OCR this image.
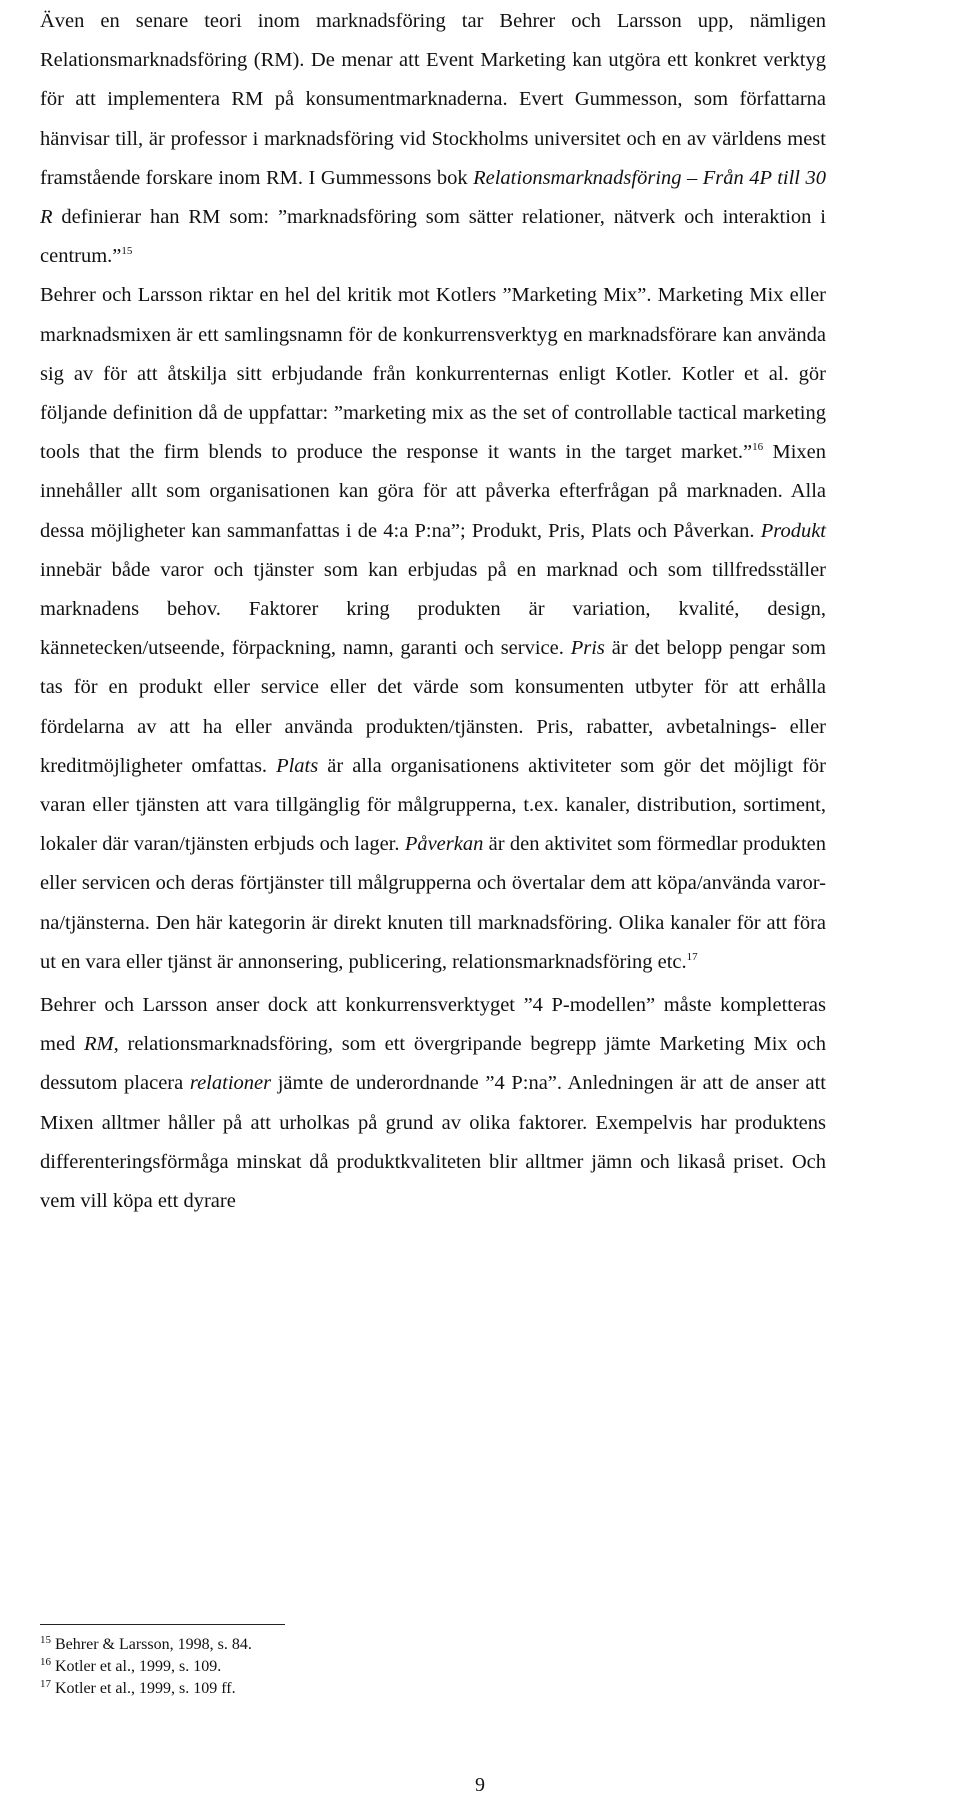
Även en senare teori inom marknadsföring tar Behrer och Larsson upp, nämligen Relationsmarknadsföring (RM). De menar att Event Marketing kan utgöra ett konkret verktyg för att implementera RM på konsumentmarknaderna. Evert Gummesson, som författarna hänvisar till, är professor i marknadsföring vid Stockholms universitet och en av världens mest framstående forskare inom RM. I Gummessons bok Relationsmarknadsföring – Från 4P till 30 R definierar han RM som: ”marknadsföring som sätter relationer, nätverk och interaktion i centrum.”$^{15}$

Behrer och Larsson riktar en hel del kritik mot Kotlers ”Marketing Mix”. Marketing Mix eller marknadsmixen är ett samlingsnamn för de konkurrensverktyg en marknadsförare kan använda sig av för att åtskilja sitt erbjudande från konkurrenternas enligt Kotler. Kotler et al. gör följande definition då de uppfattar: ”marketing mix as the set of controllable tactical marketing tools that the firm blends to produce the response it wants in the target market.”$^{16}$ Mixen innehåller allt som organisationen kan göra för att påverka efterfrågan på marknaden. Alla dessa möjligheter kan sammanfattas i de 4:a P:na”; Produkt, Pris, Plats och Påverkan. Produkt innebär både varor och tjänster som kan erbjudas på en marknad och som tillfredsställer marknadens behov. Faktorer kring produkten är variation, kvalité, design, kännetecken/utseende, förpackning, namn, garanti och service. Pris är det belopp pengar som tas för en produkt eller service eller det värde som konsumenten utbyter för att erhålla fördelarna av att ha eller använda produkten/tjänsten. Pris, rabatter, avbetalnings- eller kreditmöjligheter omfattas. Plats är alla organisationens aktiviteter som gör det möjligt för varan eller tjänsten att vara tillgänglig för målgrupperna, t.ex. kanaler, distribution, sortiment, lokaler där varan/tjänsten erbjuds och lager. Påverkan är den aktivitet som förmedlar produkten eller servicen och deras förtjänster till målgrupperna och övertalar dem att köpa/använda varor-na/tjänsterna. Den här kategorin är direkt knuten till marknadsföring. Olika kanaler för att föra ut en vara eller tjänst är annonsering, publicering, relationsmarknadsföring etc.$^{17}$

Behrer och Larsson anser dock att konkurrensverktyget ”4 P-modellen” måste kompletteras med RM, relationsmarknadsföring, som ett övergripande begrepp jämte Marketing Mix och dessutom placera relationer jämte de underordnande ”4 P:na”. Anledningen är att de anser att Mixen alltmer håller på att urholkas på grund av olika faktorer. Exempelvis har produktens differenteringsförmåga minskat då produktkvaliteten blir alltmer jämn och likaså priset. Och vem vill köpa ett dyrare

$^{15}$ Behrer & Larsson, 1998, s. 84.
$^{16}$ Kotler et al., 1999, s. 109.
$^{17}$ Kotler et al., 1999, s. 109 ff.
9
